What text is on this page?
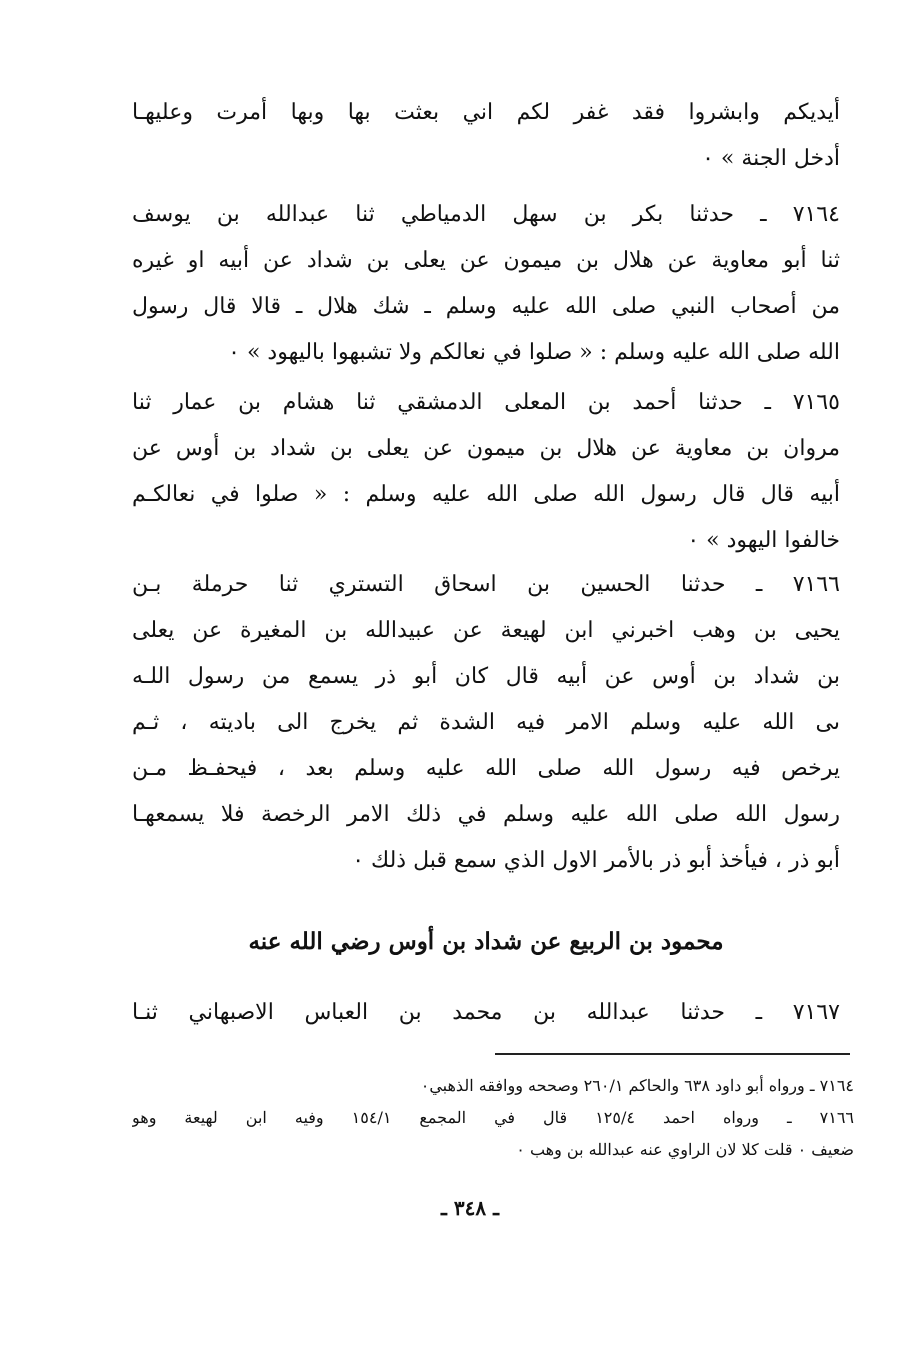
أيديكم وابشروا فقد غفر لكم اني بعثت بها وبها أمرت وعليهـا
أدخل الجنة » ٠
٧١٦٤ ـ حدثنا بكر بن سهل الدمياطي ثنا عبدالله بن يوسف
ثنا أبو معاوية عن هلال بن ميمون عن يعلى بن شداد عن أبيه او غيره
من أصحاب النبي صلى الله عليه وسلم ـ شك هلال ـ قالا قال رسول
الله صلى الله عليه وسلم : « صلوا في نعالكم ولا تشبهوا باليهود » ٠
٧١٦٥ ـ حدثنا أحمد بن المعلى الدمشقي ثنا هشام بن عمار ثنا
مروان بن معاوية عن هلال بن ميمون عن يعلى بن شداد بن أوس عن
أبيه قال قال رسول الله صلى الله عليه وسلم : « صلوا في نعالكـم
خالفوا اليهود » ٠
٧١٦٦ ـ حدثنا الحسين بن اسحاق التستري ثنا حرملة بـن
يحيى بن وهب اخبرني ابن لهيعة عن عبيدالله بن المغيرة عن يعلى
بن شداد بن أوس عن أبيه قال كان أبو ذر يسمع من رسول اللـه
ىى الله عليه وسلم الامر فيه الشدة ثم يخرج الى باديته ، ثـم
يرخص فيه رسول الله صلى الله عليه وسلم بعد ، فيحفـظ مـن
رسول الله صلى الله عليه وسلم في ذلك الامر الرخصة فلا يسمعهـا
أبو ذر ، فيأخذ أبو ذر بالأمر الاول الذي سمع قبل ذلك ٠
محمود بن الربيع عن شداد بن أوس رضي الله عنه
٧١٦٧ ـ حدثنا عبدالله بن محمد بن العباس الاصبهاني ثنـا
٧١٦٤ ـ ورواه أبو داود ٦٣٨ والحاكم ٢٦٠/١ وصححه ووافقه الذهبي٠
٧١٦٦ ـ ورواه احمد ١٢٥/٤ قال في المجمع ١٥٤/١ وفيه ابن لهيعة وهو
ضعيف ٠ قلت كلا لان الراوي عنه عبدالله بن وهب ٠
ـ ٣٤٨ ـ
